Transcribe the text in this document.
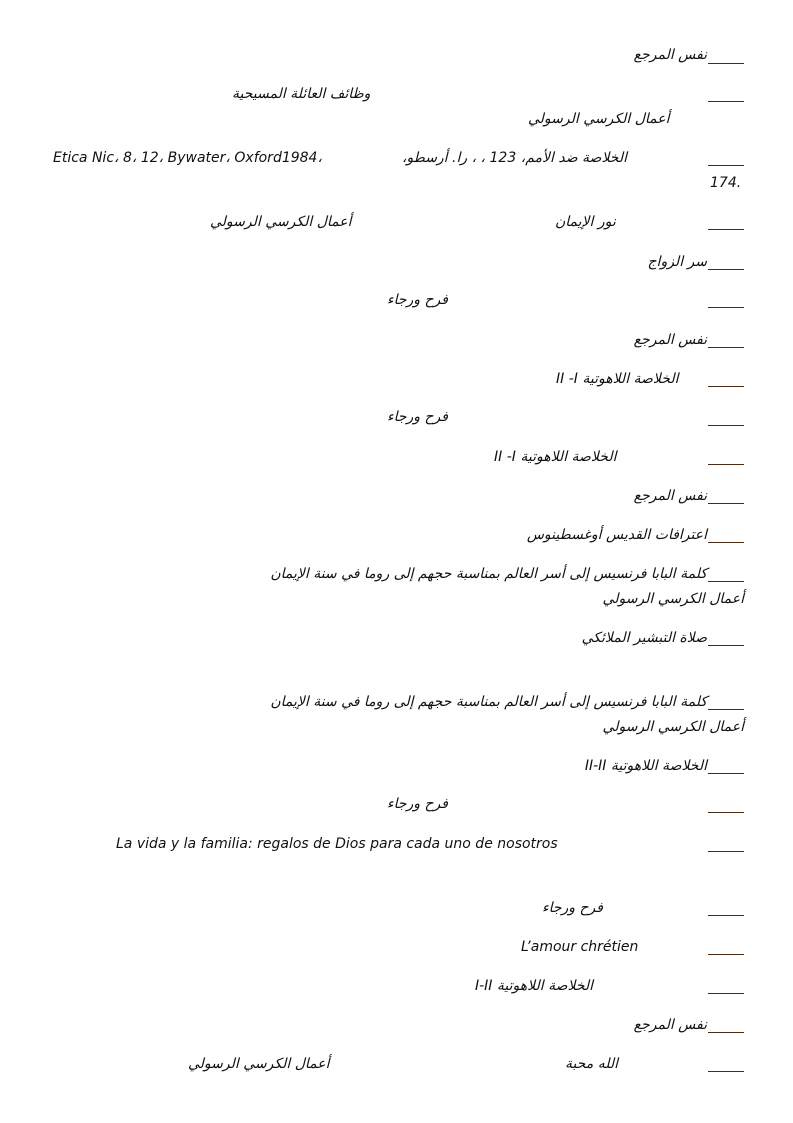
نفس المرجع
وظائف العائلة المسيحية
أعمال الكرسي الرسولي
الخلاصة ضد الأمم، 123 ، ، را. أرسطو،
Etica Nic، 8، 12، Bywater، Oxford1984،
174.
نور الإيمان
أعمال الكرسي الرسولي
سر الزواج
فرح ورجاء
نفس المرجع
الخلاصة اللاهوتية II -I
فرح ورجاء
الخلاصة اللاهوتية II -I
نفس المرجع
اعترافات القديس أوغسطينوس
كلمة البابا فرنسيس إلى أسر العالم بمناسبة حجهم إلى روما في سنة الإيمان
أعمال الكرسي الرسولي
صلاة التبشير الملائكي
كلمة البابا فرنسيس إلى أسر العالم بمناسبة حجهم إلى روما في سنة الإيمان
أعمال الكرسي الرسولي
الخلاصة اللاهوتية II-II
فرح ورجاء
La vida y la familia: regalos de Dios para cada uno de nosotros
فرح ورجاء
L’amour chrétien
الخلاصة اللاهوتية I-II
نفس المرجع
الله محبة
أعمال الكرسي الرسولي
